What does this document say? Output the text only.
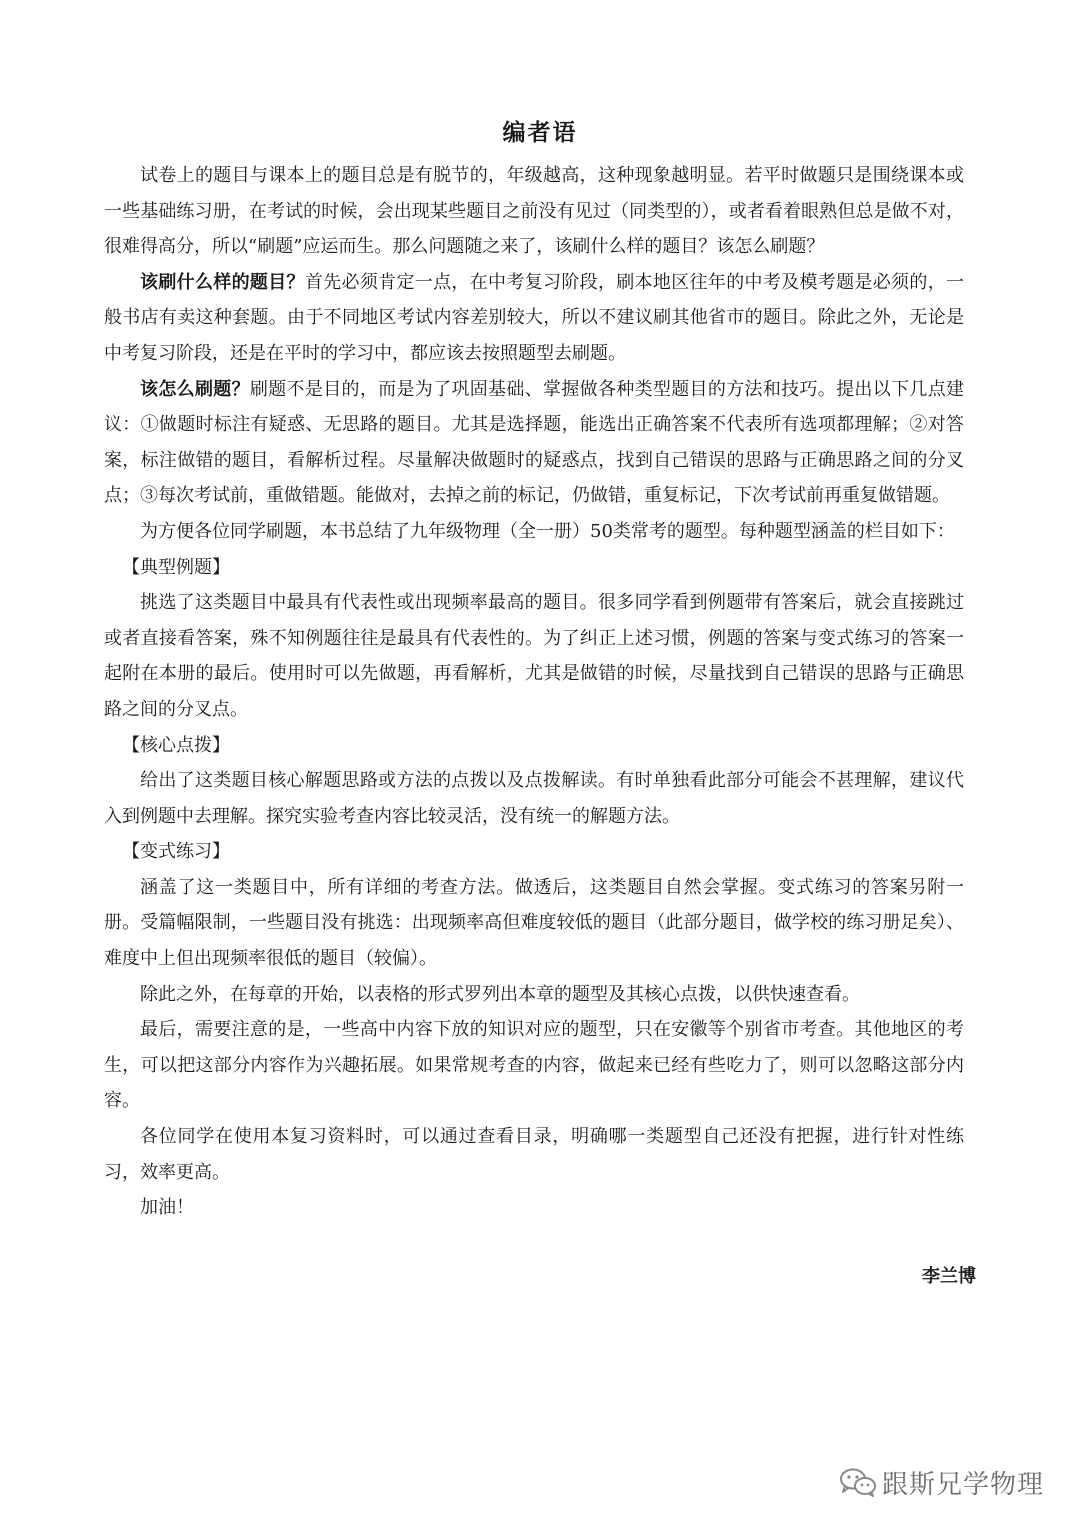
编者语

试卷上的题目与课本上的题目总是有脱节的，年级越高，这种现象越明显。若平时做题只是围绕课本或一些基础练习册，在考试的时候，会出现某些题目之前没有见过（同类型的），或者看着眼熟但总是做不对，很难得高分，所以“刷题”应运而生。那么问题随之来了，该刷什么样的题目？该怎么刷题？

该刷什么样的题目？首先必须肯定一点，在中考复习阶段，刷本地区往年的中考及模考题是必须的，一般书店有卖这种套题。由于不同地区考试内容差别较大，所以不建议刷其他省市的题目。除此之外，无论是中考复习阶段，还是在平时的学习中，都应该去按照题型去刷题。

该怎么刷题？刷题不是目的，而是为了巩固基础、掌握做各种类型题目的方法和技巧。提出以下几点建议：①做题时标注有疑惑、无思路的题目。尤其是选择题，能选出正确答案不代表所有选项都理解；②对答案，标注做错的题目，看解析过程。尽量解决做题时的疑惑点，找到自己错误的思路与正确思路之间的分叉点；③每次考试前，重做错题。能做对，去掉之前的标记，仍做错，重复标记，下次考试前再重复做错题。

为方便各位同学刷题，本书总结了九年级物理（全一册）50类常考的题型。每种题型涵盖的栏目如下：

【典型例题】

挑选了这类题目中最具有代表性或出现频率最高的题目。很多同学看到例题带有答案后，就会直接跳过或者直接看答案，殊不知例题往往是最具有代表性的。为了纠正上述习惯，例题的答案与变式练习的答案一起附在本册的最后。使用时可以先做题，再看解析，尤其是做错的时候，尽量找到自己错误的思路与正确思路之间的分叉点。

【核心点拨】

给出了这类题目核心解题思路或方法的点拨以及点拨解读。有时单独看此部分可能会不甚理解，建议代入到例题中去理解。探究实验考查内容比较灵活，没有统一的解题方法。

【变式练习】

涵盖了这一类题目中，所有详细的考查方法。做透后，这类题目自然会掌握。变式练习的答案另附一册。受篇幅限制，一些题目没有挑选：出现频率高但难度较低的题目（此部分题目，做学校的练习册足矣）、难度中上但出现频率很低的题目（较偏）。

除此之外，在每章的开始，以表格的形式罗列出本章的题型及其核心点拨，以供快速查看。

最后，需要注意的是，一些高中内容下放的知识对应的题型，只在安徽等个别省市考查。其他地区的考生，可以把这部分内容作为兴趣拓展。如果常规考查的内容，做起来已经有些吃力了，则可以忽略这部分内容。

各位同学在使用本复习资料时，可以通过查看目录，明确哪一类题型自己还没有把握，进行针对性练习，效率更高。

加油！

李兰博

跟斯兄学物理
